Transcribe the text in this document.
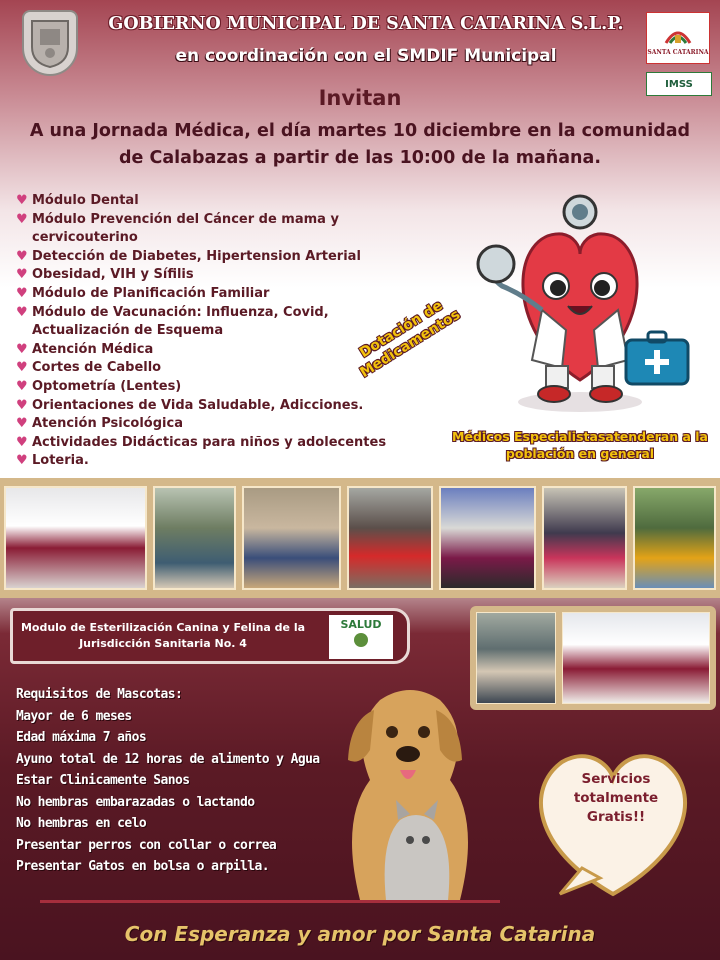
GOBIERNO MUNICIPAL DE SANTA CATARINA S.L.P.
en coordinación con el SMDIF Municipal	SANTA CATARINA
IMSS
Invitan
A una Jornada Médica, el día martes 10 diciembre en la comunidad de Calabazas a partir de las 10:00 de la mañana.
♥ Módulo Dental
♥ Módulo Prevención del Cáncer de mama y cervicouterino
♥ Detección de Diabetes, Hipertension Arterial
♥ Obesidad, VIH y Sífilis
♥ Módulo de Planificación Familiar
♥ Módulo de Vacunación: Influenza, Covid, Actualización de Esquema
♥ Atención Médica
♥ Cortes de Cabello
♥ Optometría (Lentes)
♥ Orientaciones de Vida Saludable, Adicciones.
♥ Atención Psicológica
♥ Actividades Didácticas para niños y adolecentes
♥ Loteria.
Dotación de Medicamentos
Médicos Especialistasatenderan a la población en general
Modulo de Esterilización Canina y Felina de la Jurisdicción Sanitaria No. 4
SALUD
Requisitos de Mascotas:
Mayor de 6 meses
Edad máxima 7 años
Ayuno total de 12 horas de alimento y Agua
Estar Clinicamente Sanos
No hembras embarazadas o lactando
No hembras en celo
Presentar perros con collar o correa
Presentar Gatos en bolsa o arpilla.
Servicios totalmente Gratis!!
Con Esperanza y amor por Santa Catarina
